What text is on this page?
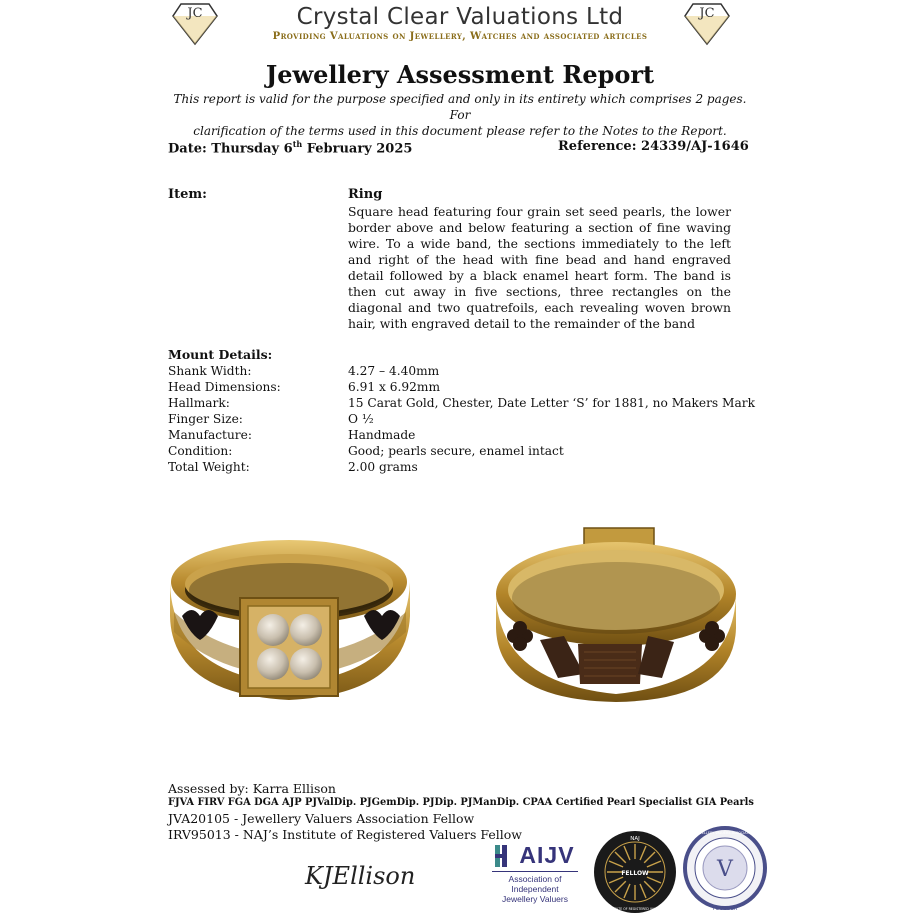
JC	JC
Crystal Clear Valuations Ltd
Providing Valuations on Jewellery, Watches and associated articles
Jewellery Assessment Report
This report is valid for the purpose specified and only in its entirety which comprises 2 pages. For
clarification of the terms used in this document please refer to the Notes to the Report.
Date: Thursday 6th February 2025	Reference: 24339/AJ-1646
Item:	Ring
Square head featuring four grain set seed pearls, the lower border above and below featuring a section of fine waving wire. To a wide band, the sections immediately to the left and right of the head with fine bead and hand engraved detail followed by a black enamel heart form. The band is then cut away in five sections, three rectangles on the diagonal and two quatrefoils, each revealing woven brown hair, with engraved detail to the remainder of the band
Mount Details:
Shank Width:	4.27 – 4.40mm
Head Dimensions:	6.91 x 6.92mm
Hallmark:	15 Carat Gold, Chester, Date Letter ‘S’ for 1881, no Makers Mark
Finger Size:	O ½
Manufacture:	Handmade
Condition:	Good; pearls secure, enamel intact
Total Weight:	2.00 grams
Assessed by: Karra Ellison
FJVA FIRV FGA DGA AJP PJValDip. PJGemDip. PJDip. PJManDip. CPAA Certified Pearl Specialist GIA Pearls
JVA20105 - Jewellery Valuers Association Fellow
IRV95013 - NAJ’s Institute of Registered Valuers Fellow
KJEllison
AIJV
Association of
Independent
Jewellery Valuers
FELLOW
NAJ
INSTITUTE OF REGISTERED VALUERS
V
JEWELLERY VALUERS ASSOCIATION
FOUNDER
